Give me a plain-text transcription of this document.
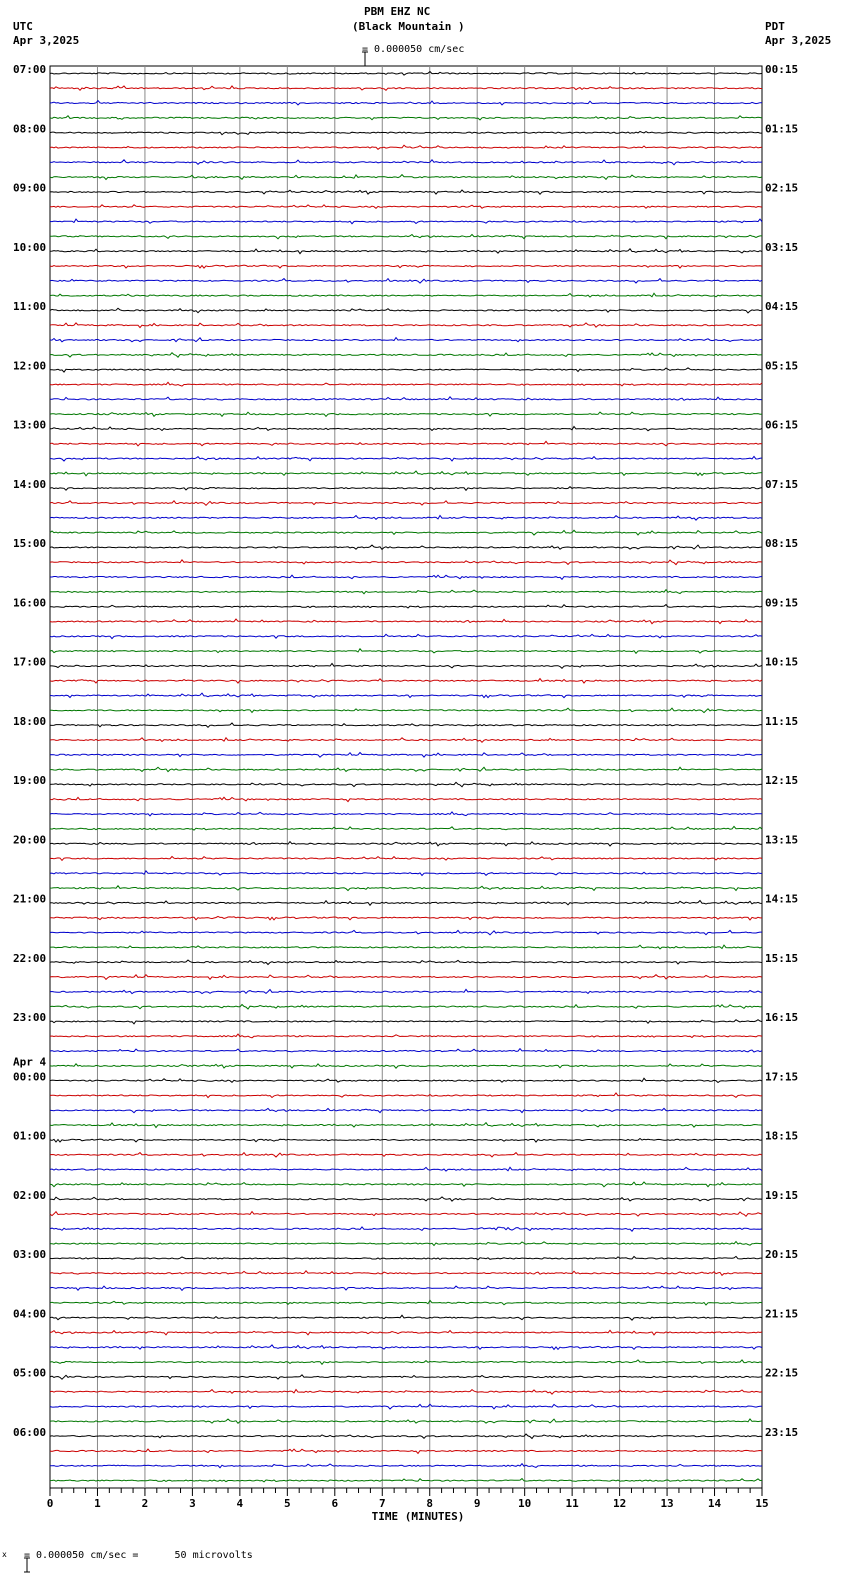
PBM EHZ NC
(Black Mountain )

= 0.000050 cm/sec
UTC
Apr 3,2025
PDT
Apr 3,2025
07:00
08:00
09:00
10:00
11:00
12:00
13:00
14:00
15:00
16:00
17:00
18:00
19:00
20:00
21:00
22:00
23:00
00:00
01:00
02:00
03:00
04:00
05:00
06:00
Apr 4
00:15
01:15
02:15
03:15
04:15
05:15
06:15
07:15
08:15
09:15
10:15
11:15
12:15
13:15
14:15
15:15
16:15
17:15
18:15
19:15
20:15
21:15
22:15
23:15
0	1	2	3	4	5	6	7	8	9	10	11	12	13	14	15
TIME (MINUTES)
x

= 0.000050 cm/sec =      50 microvolts
